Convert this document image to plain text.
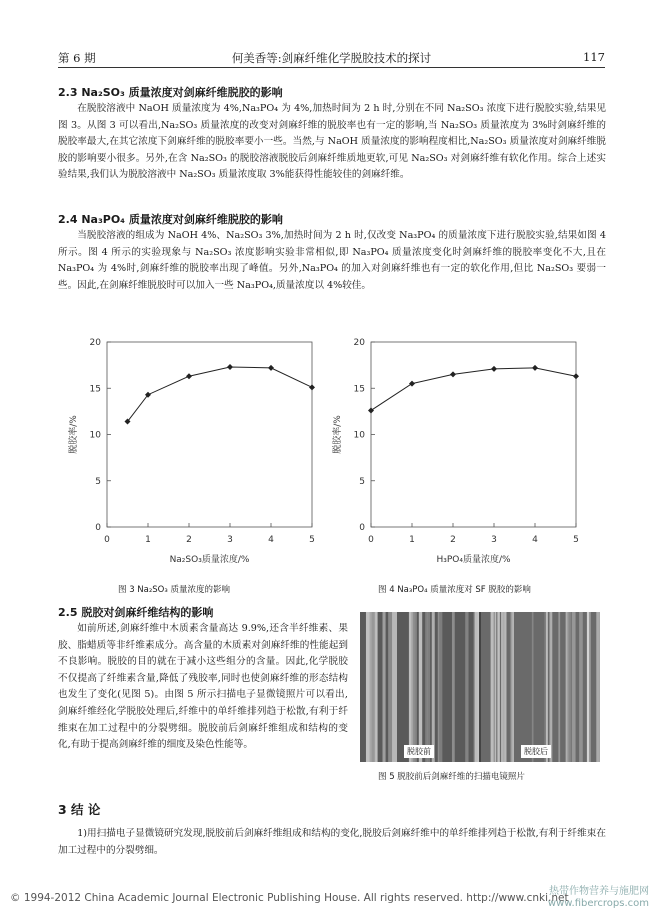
第 6 期	何美香等:剑麻纤维化学脱胶技术的探讨	117
2.3 Na₂SO₃ 质量浓度对剑麻纤维脱胶的影响

在脱胶溶液中 NaOH 质量浓度为 4%,Na₃PO₄ 为 4%,加热时间为 2 h 时,分别在不同 Na₂SO₃ 浓度下进行脱胶实验,结果见图 3。从图 3 可以看出,Na₂SO₃ 质量浓度的改变对剑麻纤维的脱胶率也有一定的影响,当 Na₂SO₃ 质量浓度为 3%时剑麻纤维的脱胶率最大,在其它浓度下剑麻纤维的脱胶率要小一些。当然,与 NaOH 质量浓度的影响程度相比,Na₂SO₃ 质量浓度对剑麻纤维脱胶的影响要小很多。另外,在含 Na₂SO₃ 的脱胶溶液脱胶后剑麻纤维质地更软,可见 Na₂SO₃ 对剑麻纤维有软化作用。综合上述实验结果,我们认为脱胶溶液中 Na₂SO₃ 质量浓度取 3%能获得性能较佳的剑麻纤维。

2.4 Na₃PO₄ 质量浓度对剑麻纤维脱胶的影响

当脱胶溶液的组成为 NaOH 4%、Na₂SO₃ 3%,加热时间为 2 h 时,仅改变 Na₃PO₄ 的质量浓度下进行脱胶实验,结果如图 4 所示。图 4 所示的实验现象与 Na₂SO₃ 浓度影响实验非常相似,即 Na₃PO₄ 质量浓度变化时剑麻纤维的脱胶率变化不大,且在 Na₃PO₄ 为 4%时,剑麻纤维的脱胶率出现了峰值。另外,Na₃PO₄ 的加入对剑麻纤维也有一定的软化作用,但比 Na₂SO₃ 要弱一些。因此,在剑麻纤维脱胶时可以加入一些 Na₃PO₄,质量浓度以 4%较佳。

0
5
10
15
20
0	1	2	3	4	5
Na₂SO₃质量浓度/%
脱胶率/%
图 3 Na₂SO₃ 质量浓度的影响
0
5
10
15
20
0	1	2	3	4	5
H₃PO₄质量浓度/%
脱胶率/%
图 4 Na₃PO₄ 质量浓度对 SF 脱胶的影响
2.5 脱胶对剑麻纤维结构的影响

如前所述,剑麻纤维中木质素含量高达 9.9%,还含半纤维素、果胶、脂蜡质等非纤维素成分。高含量的木质素对剑麻纤维的性能起到不良影响。脱胶的目的就在于减小这些组分的含量。因此,化学脱胶不仅提高了纤维素含量,降低了残胶率,同时也使剑麻纤维的形态结构也发生了变化(见图 5)。由图 5 所示扫描电子显微镜照片可以看出,剑麻纤维经化学脱胶处理后,纤维中的单纤维排列趋于松散,有利于纤维束在加工过程中的分裂劈细。脱胶前后剑麻纤维组成和结构的变化,有助于提高剑麻纤维的细度及染色性能等。

脱胶前	脱胶后
图 5 脱胶前后剑麻纤维的扫描电镜照片
3 结 论

1)用扫描电子显微镜研究发现,脱胶前后剑麻纤维组成和结构的变化,脱胶后剑麻纤维中的单纤维排列趋于松散,有利于纤维束在加工过程中的分裂劈细。

© 1994-2012 China Academic Journal Electronic Publishing House. All rights reserved. http://www.cnki.net
热带作物营养与施肥网
www.fibercrops.com
